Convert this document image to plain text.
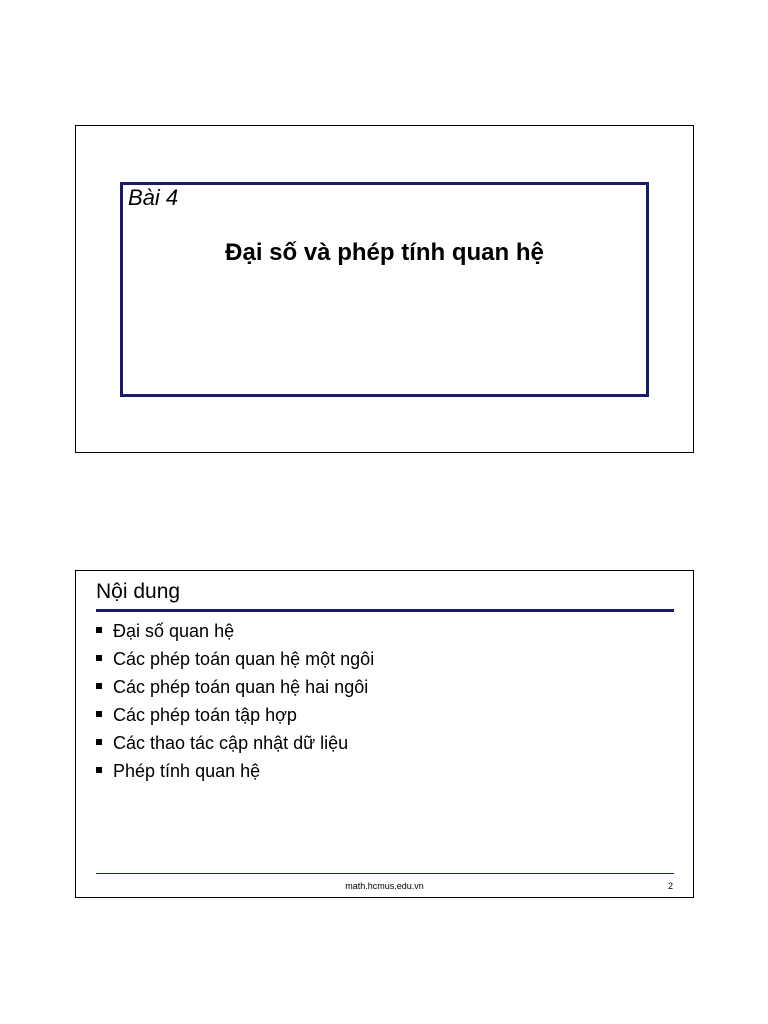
Bài 4
Đại số và phép tính quan hệ
Nội dung
Đại số quan hệ
Các phép toán quan hệ một ngôi
Các phép toán quan hệ hai ngôi
Các phép toán tập hợp
Các thao tác cập nhật dữ liệu
Phép tính quan hệ
math.hcmus.edu.vn	2
